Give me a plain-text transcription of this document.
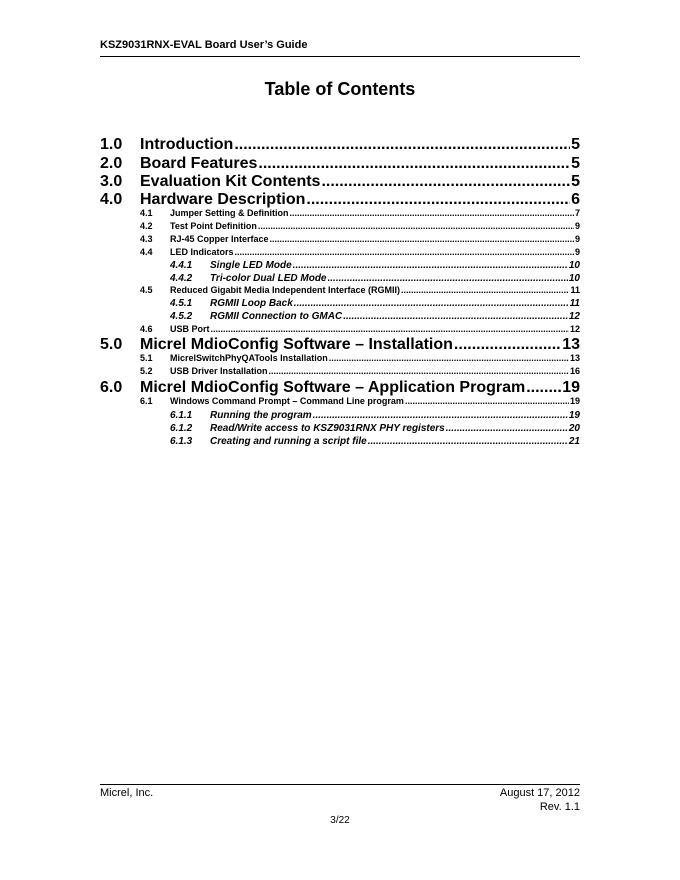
KSZ9031RNX-EVAL Board User’s Guide
Table of Contents
1.0	Introduction .....	5
2.0	Board Features .....	5
3.0	Evaluation Kit Contents .....	5
4.0	Hardware Description .....	6
4.1	Jumper Setting & Definition .....	7
4.2	Test Point Definition .....	9
4.3	RJ-45 Copper Interface .....	9
4.4	LED Indicators .....	9
4.4.1	Single LED Mode .....	10
4.4.2	Tri-color Dual LED Mode .....	10
4.5	Reduced Gigabit Media Independent Interface (RGMII) .....	11
4.5.1	RGMII Loop Back .....	11
4.5.2	RGMII Connection to GMAC .....	12
4.6	USB Port .....	12
5.0	Micrel MdioConfig Software – Installation .....	13
5.1	MicrelSwitchPhyQATools Installation .....	13
5.2	USB Driver Installation .....	16
6.0	Micrel MdioConfig Software – Application Program ..... 19
6.1	Windows Command Prompt – Command Line program .....	19
6.1.1	Running the program .....	19
6.1.2	Read/Write access to KSZ9031RNX PHY registers .....	20
6.1.3	Creating and running a script file .....	21
Micrel, Inc.	August 17, 2012
Rev. 1.1
3/22
